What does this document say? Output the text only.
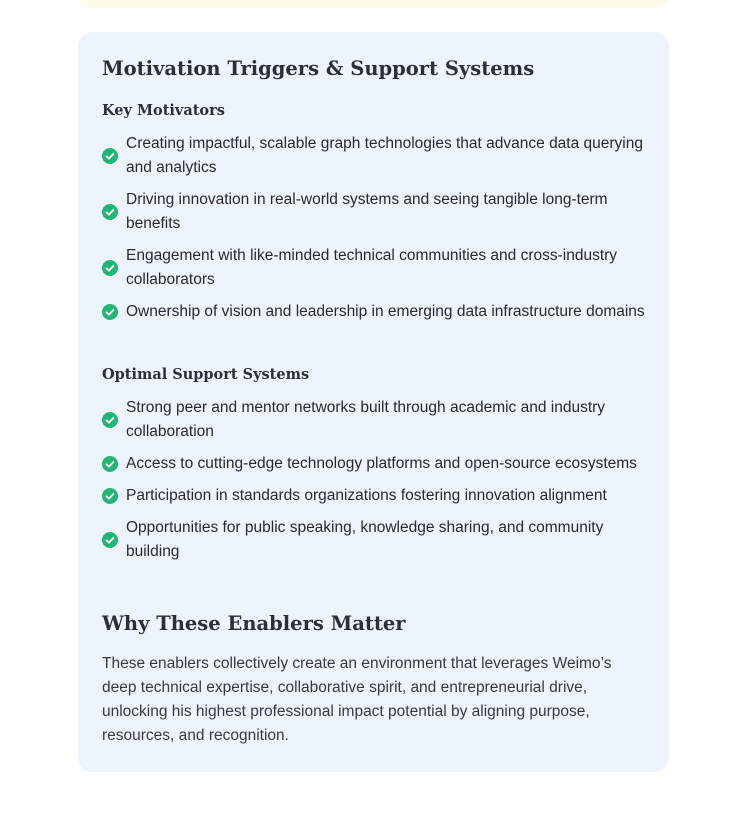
Motivation Triggers & Support Systems
Key Motivators
Creating impactful, scalable graph technologies that advance data querying and analytics
Driving innovation in real-world systems and seeing tangible long-term benefits
Engagement with like-minded technical communities and cross-industry collaborators
Ownership of vision and leadership in emerging data infrastructure domains
Optimal Support Systems
Strong peer and mentor networks built through academic and industry collaboration
Access to cutting-edge technology platforms and open-source ecosystems
Participation in standards organizations fostering innovation alignment
Opportunities for public speaking, knowledge sharing, and community building
Why These Enablers Matter

These enablers collectively create an environment that leverages Weimo’s deep technical expertise, collaborative spirit, and entrepreneurial drive, unlocking his highest professional impact potential by aligning purpose, resources, and recognition.
